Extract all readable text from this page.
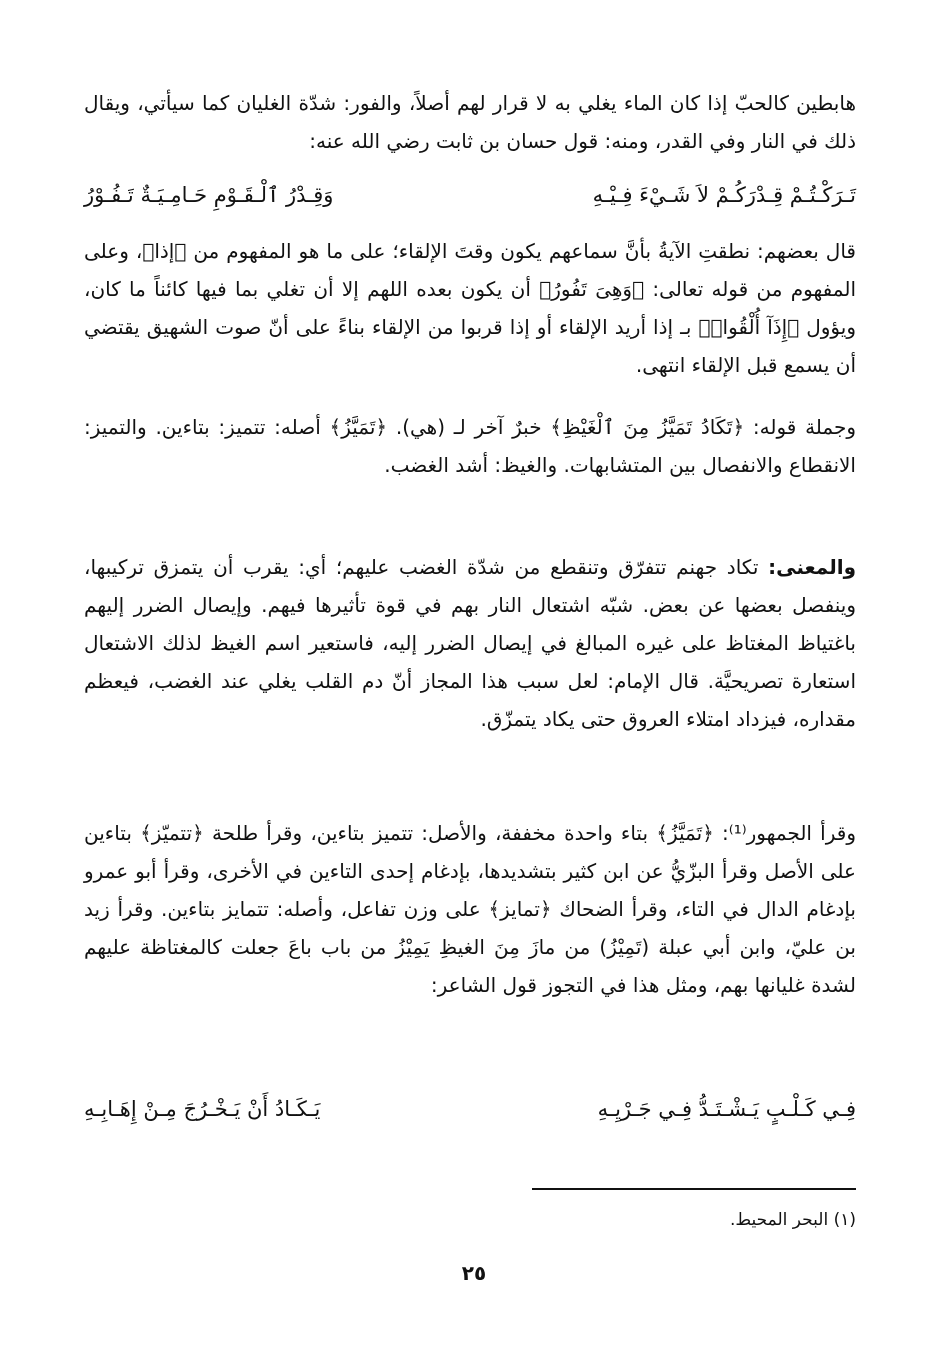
هابطين كالحبّ إذا كان الماء يغلي به لا قرار لهم أصلاً، والفور: شدّة الغليان كما سيأتي، ويقال ذلك في النار وفي القدر، ومنه: قول حسان بن ثابت رضي الله عنه:

تَـرَكْـتُـمْ قِـدْرَكُـمْ لاَ شَـيْءَ فِـيْـهِ
وَقِـدْرُ ٱلْـقَـوْمِ حَـامِـيَـةٌ تَـفُـوْرُ

قال بعضهم: نطقتِ الآيةُ بأنَّ سماعهم يكون وقتَ الإلقاء؛ على ما هو المفهوم من ﴿إذا﴾، وعلى المفهوم من قوله تعالى: ﴿وَهِىَ تَفُورُ﴾ أن يكون بعده اللهم إلا أن تغلي بما فيها كائناً ما كان، ويؤول ﴿إِذَآ أُلْقُوا۟﴾ بـ إذا أريد الإلقاء أو إذا قربوا من الإلقاء بناءً على أنّ صوت الشهيق يقتضي أن يسمع قبل الإلقاء انتهى.

وجملة قوله: ﴿تَكَادُ تَمَيَّزُ مِنَ ٱلْغَيْظِ﴾ خبرٌ آخر لـ (هي). ﴿تَمَيَّزُ﴾ أصله: تتميز: بتاءين. والتميز: الانقطاع والانفصال بين المتشابهات. والغيظ: أشد الغضب.

والمعنى: تكاد جهنم تتفرّق وتنقطع من شدّة الغضب عليهم؛ أي: يقرب أن يتمزق تركيبها، وينفصل بعضها عن بعض. شبّه اشتعال النار بهم في قوة تأثيرها فيهم. وإيصال الضرر إليهم باغتياظ المغتاظ على غيره المبالغ في إيصال الضرر إليه، فاستعير اسم الغيظ لذلك الاشتعال استعارة تصريحيَّة. قال الإمام: لعل سبب هذا المجاز أنّ دم القلب يغلي عند الغضب، فيعظم مقداره، فيزداد امتلاء العروق حتى يكاد يتمزّق.

وقرأ الجمهور⁽¹⁾: ﴿تَمَيَّزُ﴾ بتاء واحدة مخففة، والأصل: تتميز بتاءين، وقرأ طلحة ﴿تتميّز﴾ بتاءين على الأصل وقرأ البزّيُّ عن ابن كثير بتشديدها، بإدغام إحدى التاءين في الأخرى، وقرأ أبو عمرو بإدغام الدال في التاء، وقرأ الضحاك ﴿تمايز﴾ على وزن تفاعل، وأصله: تتمايز بتاءين. وقرأ زيد بن عليّ، وابن أبي عبلة (تَمِيْزُ) من مازَ مِنَ الغيظِ يَمِيْزُ من باب باعَ جعلت كالمغتاظة عليهم لشدة غليانها بهم، ومثل هذا في التجوز قول الشاعر:

فِـي كَـلْـبٍ يَـشْـتَـدُّ فِـي جَـرْيِـهِ
يَـكَـادُ أَنْ يَـخْـرُجَ مِـنْ إِهَـابِـهِ
(١) البحر المحيط.
٢٥
